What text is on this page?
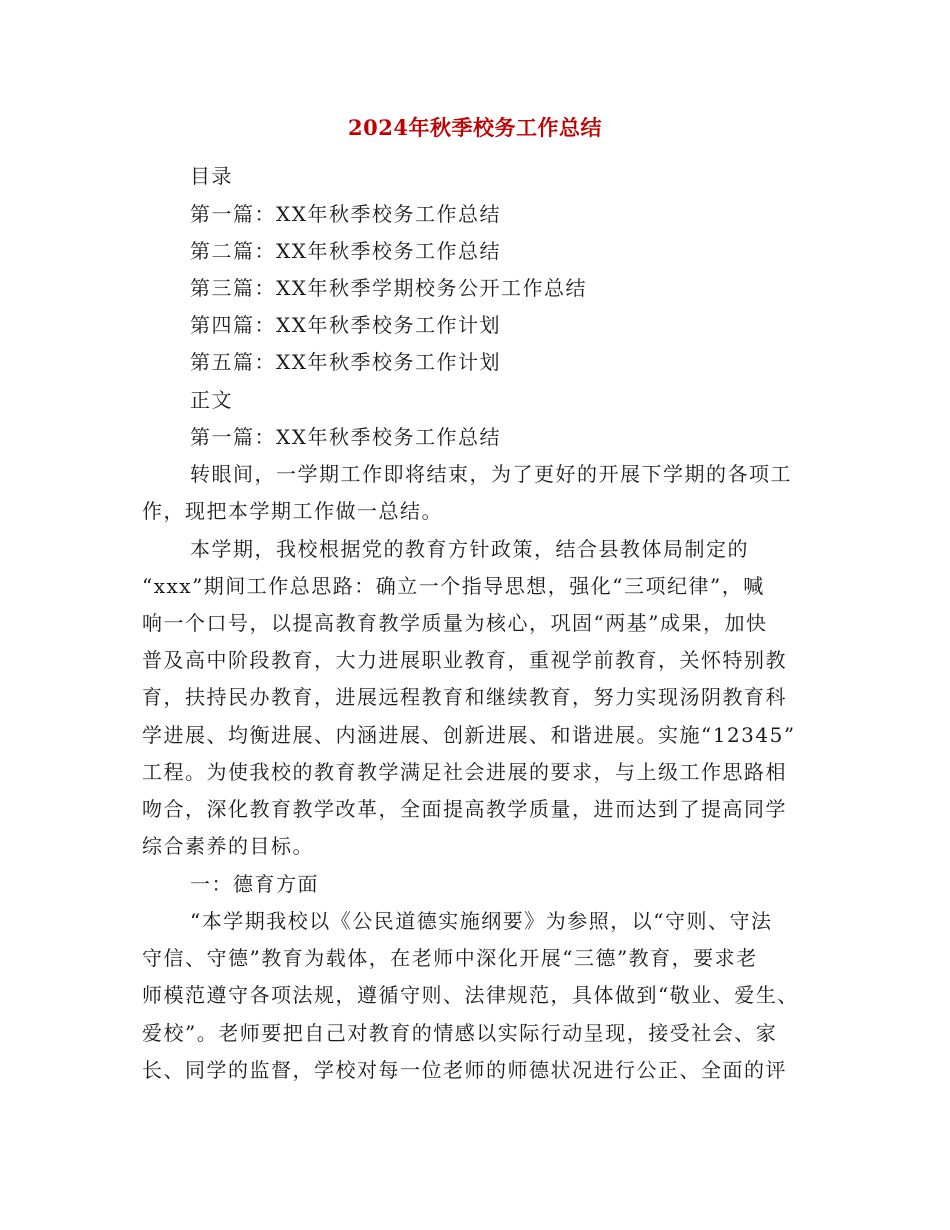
2024年秋季校务工作总结
目录
第一篇：XX年秋季校务工作总结
第二篇：XX年秋季校务工作总结
第三篇：XX年秋季学期校务公开工作总结
第四篇：XX年秋季校务工作计划
第五篇：XX年秋季校务工作计划
正文
第一篇：XX年秋季校务工作总结
转眼间，一学期工作即将结束，为了更好的开展下学期的各项工
作，现把本学期工作做一总结。
本学期，我校根据党的教育方针政策，结合县教体局制定的
“xxx”期间工作总思路：确立一个指导思想，强化“三项纪律”，喊
响一个口号，以提高教育教学质量为核心，巩固“两基”成果，加快
普及高中阶段教育，大力进展职业教育，重视学前教育，关怀特别教
育，扶持民办教育，进展远程教育和继续教育，努力实现汤阴教育科
学进展、均衡进展、内涵进展、创新进展、和谐进展。实施“12345”
工程。为使我校的教育教学满足社会进展的要求，与上级工作思路相
吻合，深化教育教学改革，全面提高教学质量，进而达到了提高同学
综合素养的目标。
一：德育方面
“本学期我校以《公民道德实施纲要》为参照，以“守则、守法
守信、守德”教育为载体，在老师中深化开展“三德”教育，要求老
师模范遵守各项法规，遵循守则、法律规范，具体做到“敬业、爱生、
爱校”。老师要把自己对教育的情感以实际行动呈现，接受社会、家
长、同学的监督，学校对每一位老师的师德状况进行公正、全面的评
